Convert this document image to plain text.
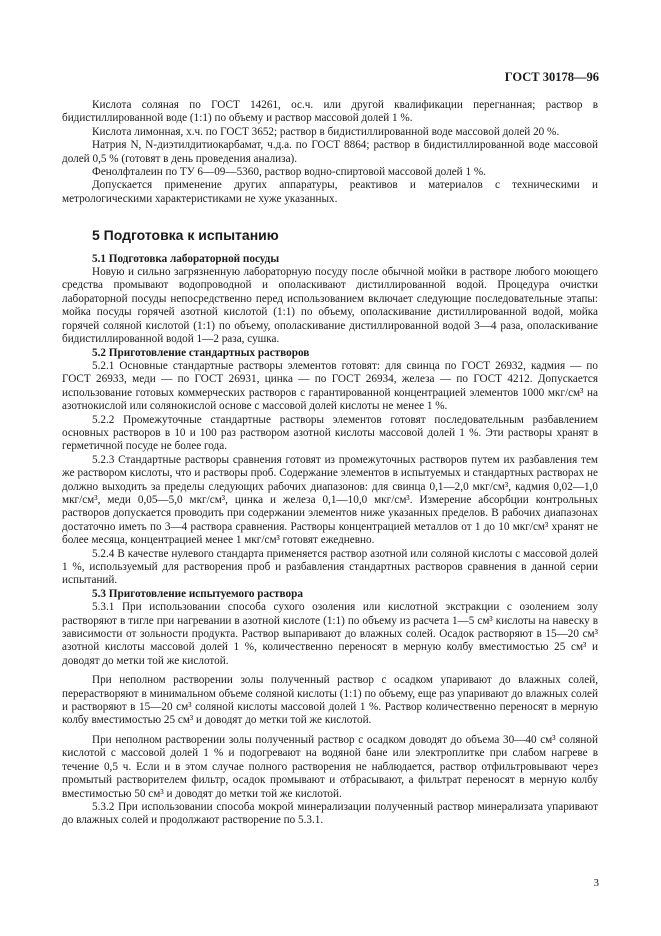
ГОСТ 30178—96

Кислота соляная по ГОСТ 14261, ос.ч. или другой квалификации перегнанная; раствор в бидистиллированной воде (1:1) по объему и раствор массовой долей 1 %.

Кислота лимонная, х.ч. по ГОСТ 3652; раствор в бидистиллированной воде массовой долей 20 %.

Натрия N, N-диэтилдитиокарбамат, ч.д.а. по ГОСТ 8864; раствор в бидистиллированной воде массовой долей 0,5 % (готовят в день проведения анализа).

Фенолфталеин по ТУ 6—09—5360, раствор водно-спиртовой массовой долей 1 %.

Допускается применение других аппаратуры, реактивов и материалов с техническими и метрологическими характеристиками не хуже указанных.

5 Подготовка к испытанию

5.1 Подготовка лабораторной посуды

Новую и сильно загрязненную лабораторную посуду после обычной мойки в растворе любого моющего средства промывают водопроводной и ополаскивают дистиллированной водой. Процедура очистки лабораторной посуды непосредственно перед использованием включает следующие последовательные этапы: мойка посуды горячей азотной кислотой (1:1) по объему, ополаскивание дистиллированной водой, мойка горячей соляной кислотой (1:1) по объему, ополаскивание дистиллированной водой 3—4 раза, ополаскивание бидистиллированной водой 1—2 раза, сушка.

5.2 Приготовление стандартных растворов

5.2.1 Основные стандартные растворы элементов готовят: для свинца по ГОСТ 26932, кадмия — по ГОСТ 26933, меди — по ГОСТ 26931, цинка — по ГОСТ 26934, железа — по ГОСТ 4212. Допускается использование готовых коммерческих растворов с гарантированной концентрацией элементов 1000 мкг/см³ на азотнокислой или солянокислой основе с массовой долей кислоты не менее 1 %.

5.2.2 Промежуточные стандартные растворы элементов готовят последовательным разбавлением основных растворов в 10 и 100 раз раствором азотной кислоты массовой долей 1 %. Эти растворы хранят в герметичной посуде не более года.

5.2.3 Стандартные растворы сравнения готовят из промежуточных растворов путем их разбавления тем же раствором кислоты, что и растворы проб. Содержание элементов в испытуемых и стандартных растворах не должно выходить за пределы следующих рабочих диапазонов: для свинца 0,1—2,0 мкг/см³, кадмия 0,02—1,0 мкг/см³, меди 0,05—5,0 мкг/см³, цинка и железа 0,1—10,0 мкг/см³. Измерение абсорбции контрольных растворов допускается проводить при содержании элементов ниже указанных пределов. В рабочих диапазонах достаточно иметь по 3—4 раствора сравнения. Растворы концентрацией металлов от 1 до 10 мкг/см³ хранят не более месяца, концентрацией менее 1 мкг/см³ готовят ежедневно.

5.2.4 В качестве нулевого стандарта применяется раствор азотной или соляной кислоты с массовой долей 1 %, используемый для растворения проб и разбавления стандартных растворов сравнения в данной серии испытаний.

5.3 Приготовление испытуемого раствора

5.3.1 При использовании способа сухого озоления или кислотной экстракции с озолением золу растворяют в тигле при нагревании в азотной кислоте (1:1) по объему из расчета 1—5 см³ кислоты на навеску в зависимости от зольности продукта. Раствор выпаривают до влажных солей. Осадок растворяют в 15—20 см³ азотной кислоты массовой долей 1 %, количественно переносят в мерную колбу вместимостью 25 см³ и доводят до метки той же кислотой.

При неполном растворении золы полученный раствор с осадком упаривают до влажных солей, перерастворяют в минимальном объеме соляной кислоты (1:1) по объему, еще раз упаривают до влажных солей и растворяют в 15—20 см³ соляной кислоты массовой долей 1 %. Раствор количественно переносят в мерную колбу вместимостью 25 см³ и доводят до метки той же кислотой.

При неполном растворении золы полученный раствор с осадком доводят до объема 30—40 см³ соляной кислотой с массовой долей 1 % и подогревают на водяной бане или электроплитке при слабом нагреве в течение 0,5 ч. Если и в этом случае полного растворения не наблюдается, раствор отфильтровывают через промытый растворителем фильтр, осадок промывают и отбрасывают, а фильтрат переносят в мерную колбу вместимостью 50 см³ и доводят до метки той же кислотой.

5.3.2 При использовании способа мокрой минерализации полученный раствор минерализата упаривают до влажных солей и продолжают растворение по 5.3.1.

3
